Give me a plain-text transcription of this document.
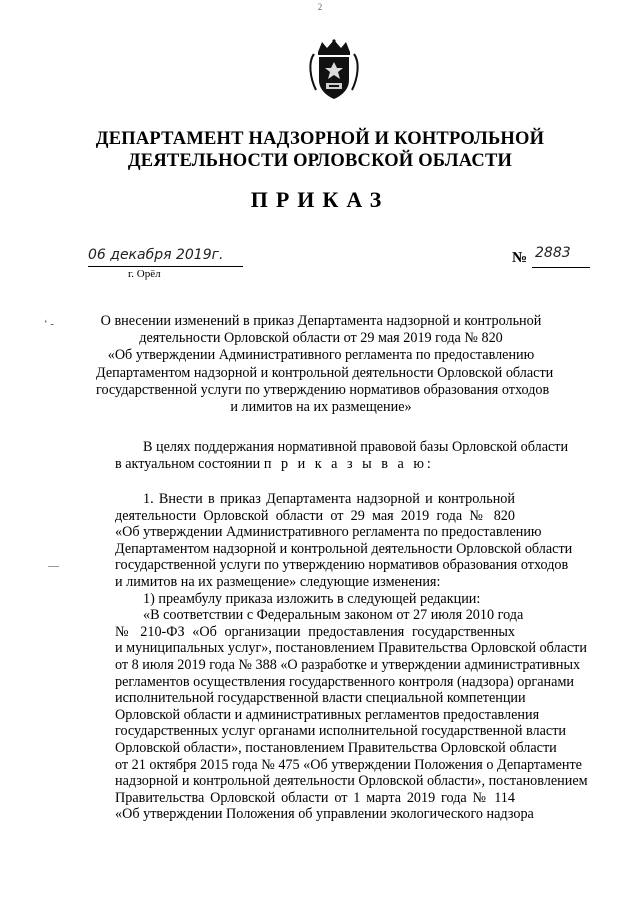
2
ДЕПАРТАМЕНТ НАДЗОРНОЙ И КОНТРОЛЬНОЙ
ДЕЯТЕЛЬНОСТИ ОРЛОВСКОЙ ОБЛАСТИ
ПРИКАЗ
06 декабря 2019г.
г. Орёл
№ 2883
‘ -
—
О внесении изменений в приказ Департамента надзорной и контрольной
деятельности Орловской области от 29 мая 2019 года № 820
«Об утверждении Административного регламента по предоставлению
Департаментом надзорной и контрольной деятельности Орловской области
государственной услуги по утверждению нормативов образования отходов
и лимитов на их размещение»
В целях поддержания нормативной правовой базы Орловской области
в актуальном состоянии п р и к а з ы в а ю:
1. Внести в приказ Департамента надзорной и контрольной
деятельности Орловской области от 29 мая 2019 года № 820
«Об утверждении Административного регламента по предоставлению
Департаментом надзорной и контрольной деятельности Орловской области
государственной услуги по утверждению нормативов образования отходов
и лимитов на их размещение» следующие изменения:
1) преамбулу приказа изложить в следующей редакции:
«В соответствии с Федеральным законом от 27 июля 2010 года
№ 210-ФЗ «Об организации предоставления государственных
и муниципальных услуг», постановлением Правительства Орловской области
от 8 июля 2019 года № 388 «О разработке и утверждении административных
регламентов осуществления государственного контроля (надзора) органами
исполнительной государственной власти специальной компетенции
Орловской области и административных регламентов предоставления
государственных услуг органами исполнительной государственной власти
Орловской области», постановлением Правительства Орловской области
от 21 октября 2015 года № 475 «Об утверждении Положения о Департаменте
надзорной и контрольной деятельности Орловской области», постановлением
Правительства Орловской области от 1 марта 2019 года № 114
«Об утверждении Положения об управлении экологического надзора
